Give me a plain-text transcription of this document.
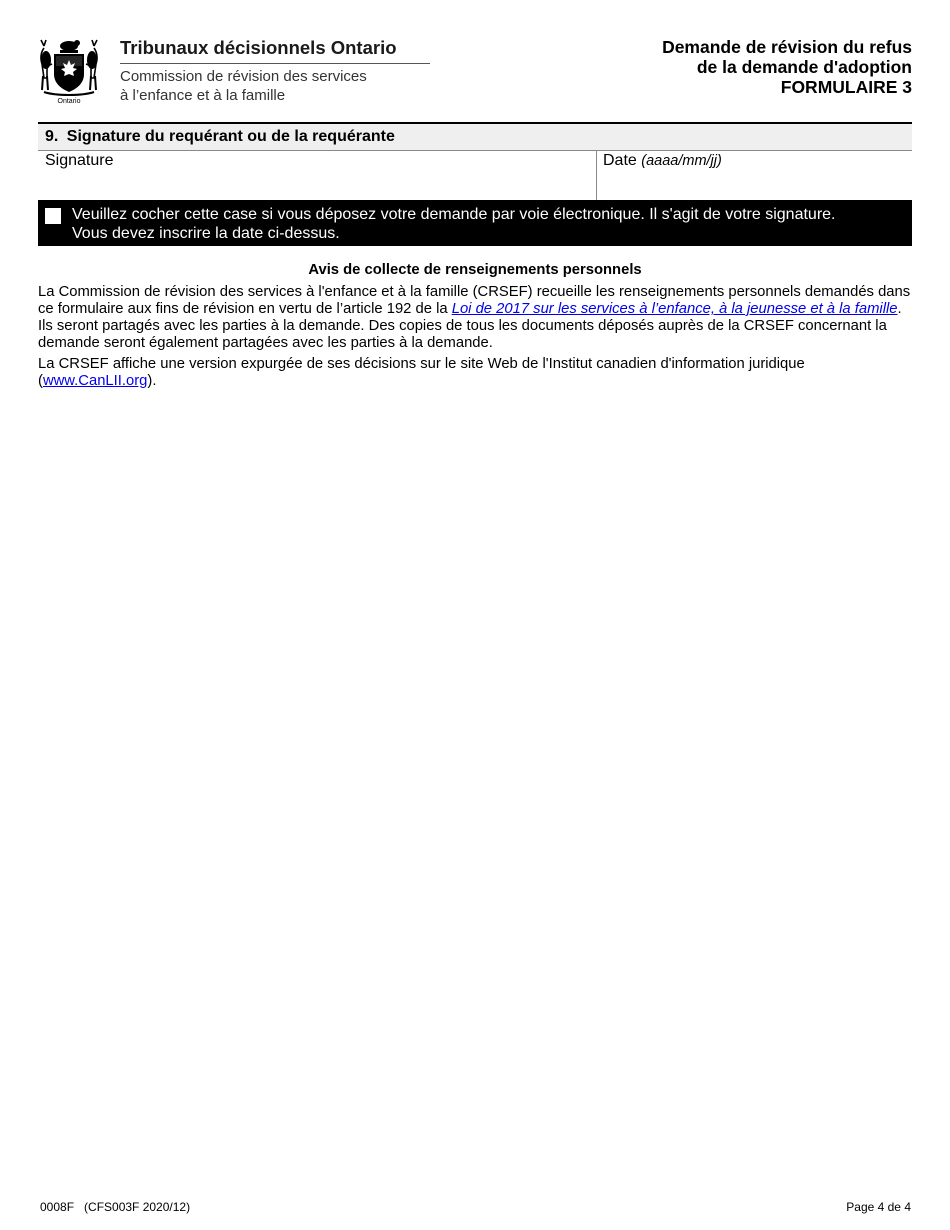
Ontario
Tribunaux décisionnels Ontario
Commission de révision des services
à l’enfance et à la famille
Demande de révision du refus
de la demande d'adoption
FORMULAIRE 3
9. Signature du requérant ou de la requérante
Signature	Date (aaaa/mm/jj)
Veuillez cocher cette case si vous déposez votre demande par voie électronique. Il s'agit de votre signature.
Vous devez inscrire la date ci-dessus.
Avis de collecte de renseignements personnels

La Commission de révision des services à l'enfance et à la famille (CRSEF) recueille les renseignements personnels demandés dans ce formulaire aux fins de révision en vertu de l’article 192 de la Loi de 2017 sur les services à l’enfance, à la jeunesse et à la famille. Ils seront partagés avec les parties à la demande. Des copies de tous les documents déposés auprès de la CRSEF concernant la demande seront également partagées avec les parties à la demande.

La CRSEF affiche une version expurgée de ses décisions sur le site Web de l'Institut canadien d'information juridique (www.CanLII.org).

0008F   (CFS003F 2020/12)	Page 4 de 4
